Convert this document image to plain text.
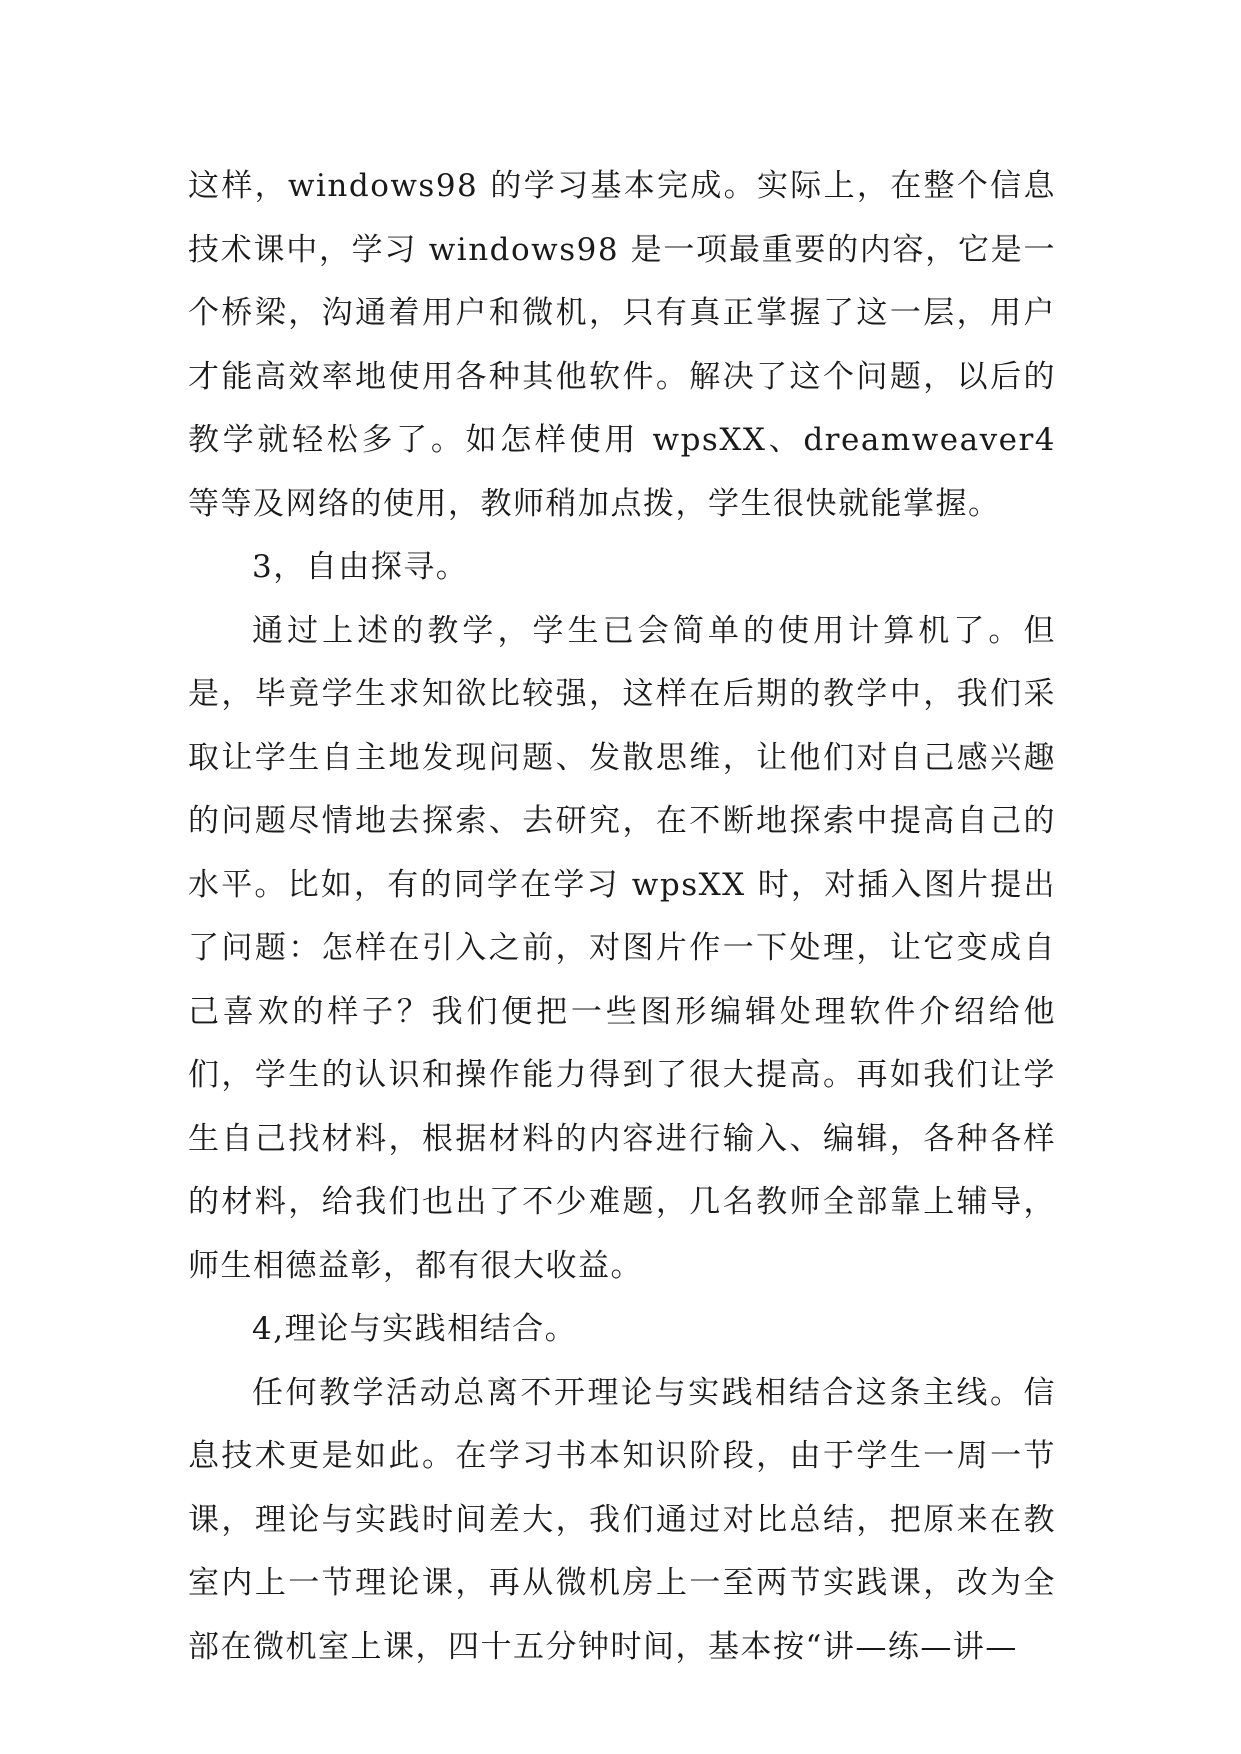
这样，windows98 的学习基本完成。实际上，在整个信息技术课中，学习 windows98 是一项最重要的内容，它是一个桥梁，沟通着用户和微机，只有真正掌握了这一层，用户才能高效率地使用各种其他软件。解决了这个问题，以后的教学就轻松多了。如怎样使用 wpsXX、dreamweaver4 等等及网络的使用，教师稍加点拨，学生很快就能掌握。

3，自由探寻。

通过上述的教学，学生已会简单的使用计算机了。但是，毕竟学生求知欲比较强，这样在后期的教学中，我们采取让学生自主地发现问题、发散思维，让他们对自己感兴趣的问题尽情地去探索、去研究，在不断地探索中提高自己的水平。比如，有的同学在学习 wpsXX 时，对插入图片提出了问题：怎样在引入之前，对图片作一下处理，让它变成自己喜欢的样子？我们便把一些图形编辑处理软件介绍给他们，学生的认识和操作能力得到了很大提高。再如我们让学生自己找材料，根据材料的内容进行输入、编辑，各种各样的材料，给我们也出了不少难题，几名教师全部靠上辅导，师生相德益彰，都有很大收益。

4,理论与实践相结合。

任何教学活动总离不开理论与实践相结合这条主线。信息技术更是如此。在学习书本知识阶段，由于学生一周一节课，理论与实践时间差大，我们通过对比总结，把原来在教室内上一节理论课，再从微机房上一至两节实践课，改为全部在微机室上课，四十五分钟时间，基本按“讲—练—讲—
